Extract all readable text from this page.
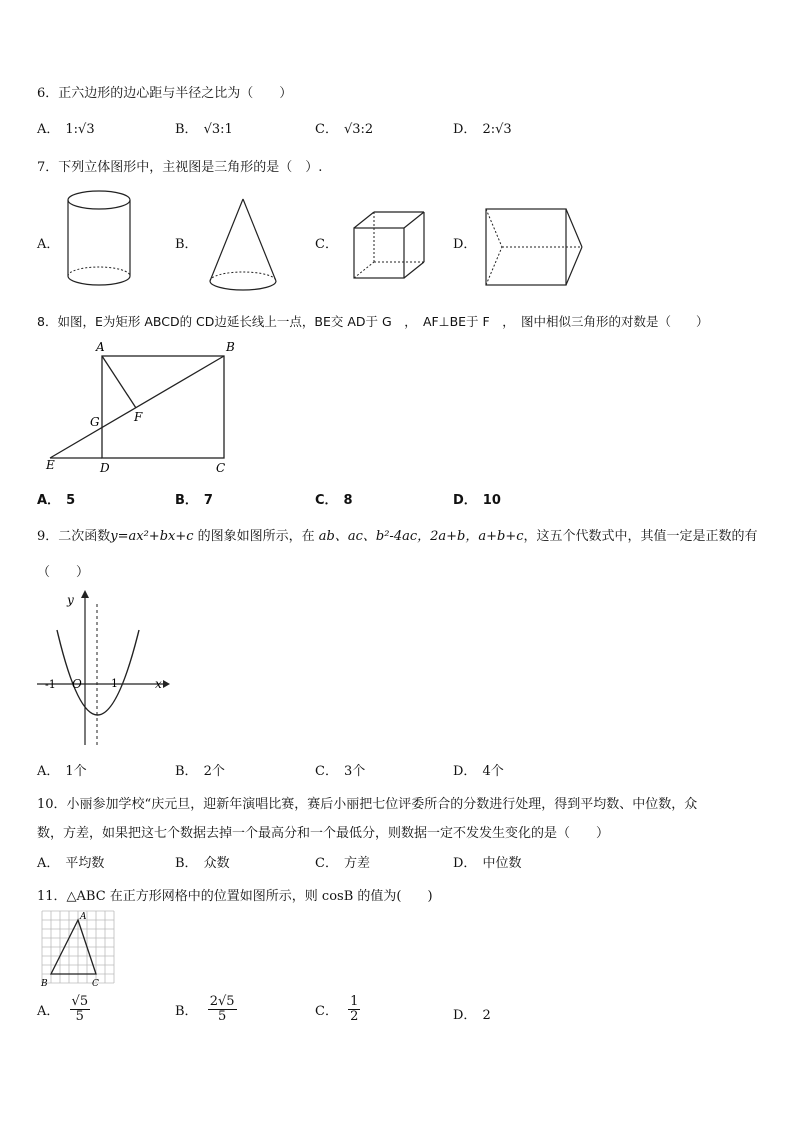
6．正六边形的边心距与半径之比为（　　）
A． 1:√3	B． √3:1	C． √3:2	D． 2:√3
7．下列立体图形中，主视图是三角形的是（　）.
A．	B．	C．	D．
8．如图，E为矩形 ABCD的 CD边延长线上一点，BE交 AD于 G　，　AF⊥BE于 F　，　图中相似三角形的对数是（　　）
A	B
C
D
E
F
G
A． 5	B． 7	C． 8	D． 10
9．二次函数y=ax²+bx+c 的图象如图所示，在 ab、ac、b²-4ac，2a+b，a+b+c，这五个代数式中，其值一定是正数的有
（　　）
y
x
O
-1	1
A． 1个	B． 2个	C． 3个	D． 4个
10．小丽参加学校“庆元旦，迎新年演唱比赛，赛后小丽把七位评委所合的分数进行处理，得到平均数、中位数，众
数，方差，如果把这七个数据去掉一个最高分和一个最低分，则数据一定不发发生变化的是（　　）
A． 平均数	B． 众数	C． 方差	D． 中位数
11．△ABC 在正方形网格中的位置如图所示，则 cosB 的值为(　　)
A
B	C
A． $\frac{√5}{5}$	B． $\frac{2√5}{5}$	C． $\frac{1}{2}$	D． 2
